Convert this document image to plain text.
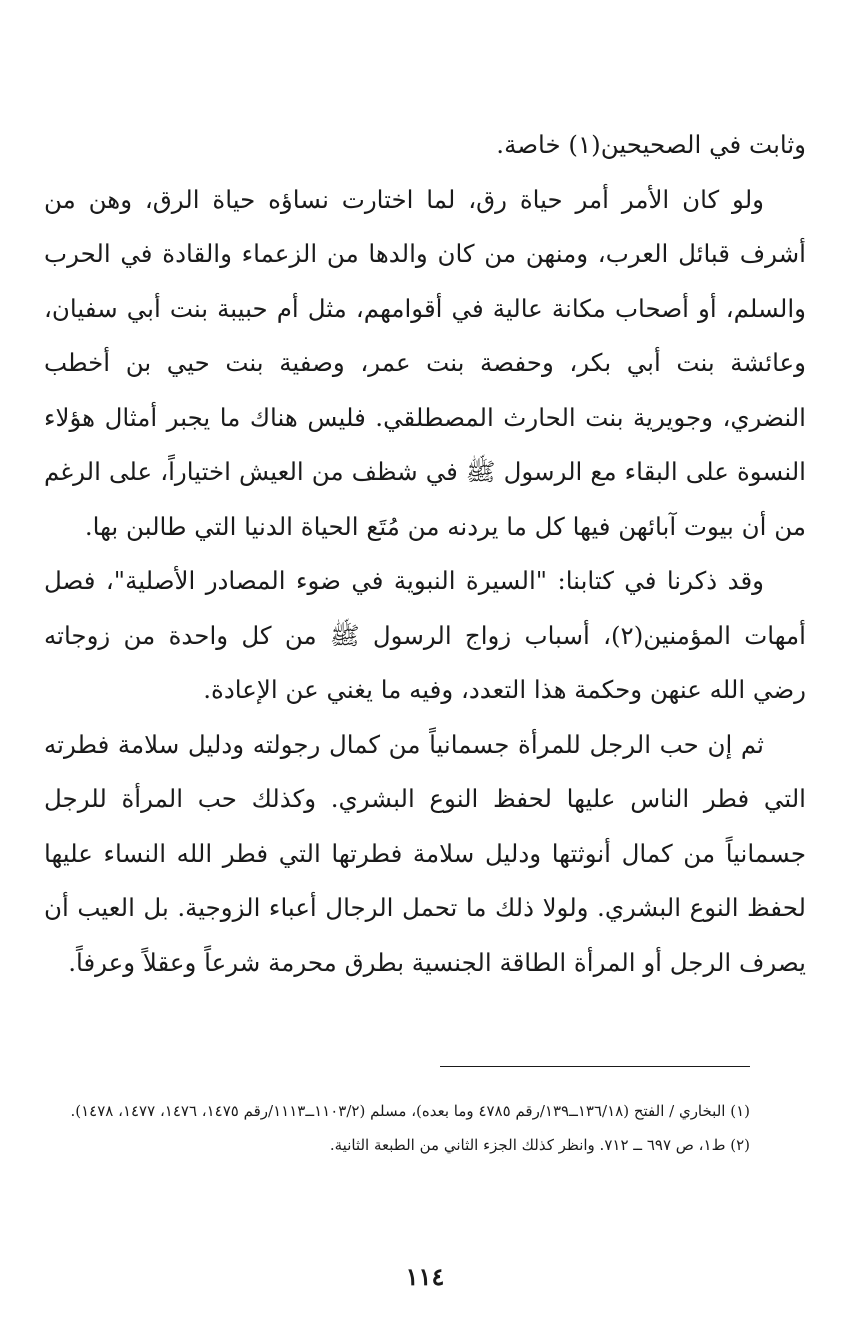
وثابت في الصحيحين(١) خاصة.

ولو كان الأمر أمر حياة رق، لما اختارت نساؤه حياة الرق، وهن من أشرف قبائل العرب، ومنهن من كان والدها من الزعماء والقادة في الحرب والسلم، أو أصحاب مكانة عالية في أقوامهم، مثل أم حبيبة بنت أبي سفيان، وعائشة بنت أبي بكر، وحفصة بنت عمر، وصفية بنت حيي بن أخطب النضري، وجويرية بنت الحارث المصطلقي. فليس هناك ما يجبر أمثال هؤلاء النسوة على البقاء مع الرسول ﷺ في شظف من العيش اختياراً، على الرغم من أن بيوت آبائهن فيها كل ما يردنه من مُتَع الحياة الدنيا التي طالبن بها.

وقد ذكرنا في كتابنا: "السيرة النبوية في ضوء المصادر الأصلية"، فصل أمهات المؤمنين(٢)، أسباب زواج الرسول ﷺ من كل واحدة من زوجاته رضي الله عنهن وحكمة هذا التعدد، وفيه ما يغني عن الإعادة.

ثم إن حب الرجل للمرأة جسمانياً من كمال رجولته ودليل سلامة فطرته التي فطر الناس عليها لحفظ النوع البشري. وكذلك حب المرأة للرجل جسمانياً من كمال أنوثتها ودليل سلامة فطرتها التي فطر الله النساء عليها لحفظ النوع البشري. ولولا ذلك ما تحمل الرجال أعباء الزوجية. بل العيب أن يصرف الرجل أو المرأة الطاقة الجنسية بطرق محرمة شرعاً وعقلاً وعرفاً.

(١) البخاري / الفتح (١٣٦/١٨ــ١٣٩/رقم ٤٧٨٥ وما بعده)، مسلم (١١٠٣/٢ــ١١١٣/رقم ١٤٧٥، ١٤٧٦، ١٤٧٧، ١٤٧٨).

(٢) ط١، ص ٦٩٧ ــ ٧١٢. وانظر كذلك الجزء الثاني من الطبعة الثانية.

١١٤
